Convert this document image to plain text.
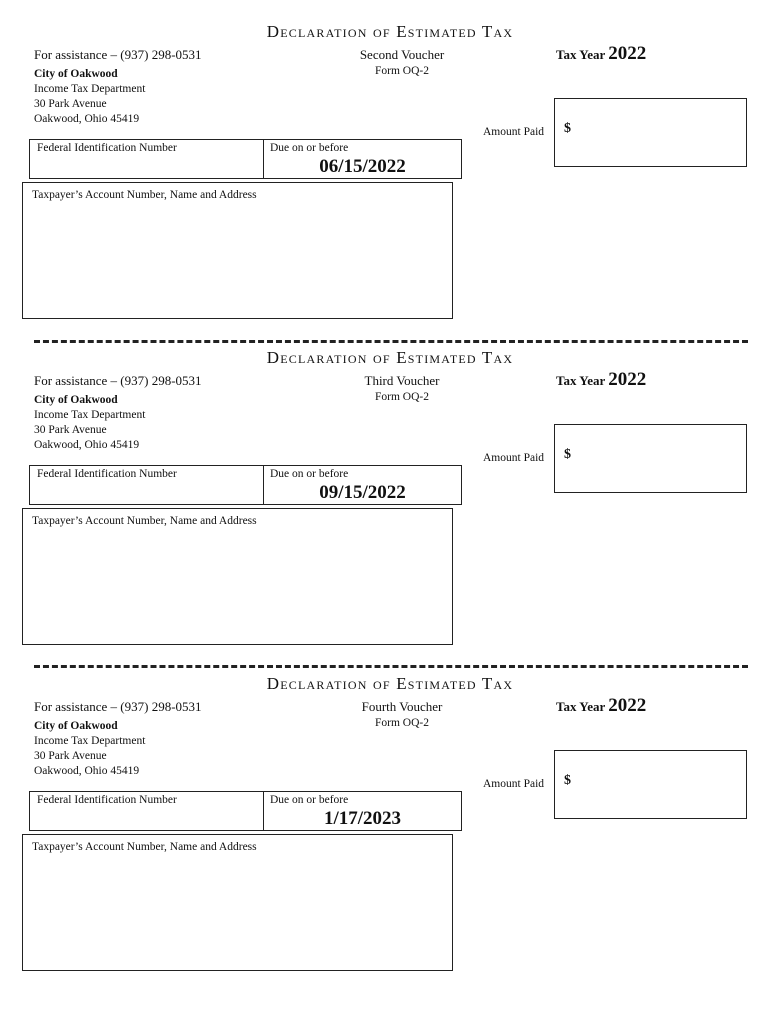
Declaration of Estimated Tax
For assistance – (937) 298-0531	Second Voucher
Form OQ-2
Tax Year 2022
City of Oakwood
Income Tax Department
30 Park Avenue
Oakwood, Ohio 45419
Amount Paid $
Federal Identification Number	Due on or before
06/15/2022
Taxpayer’s Account Number, Name and Address
Declaration of Estimated Tax
For assistance – (937) 298-0531	Third Voucher
Form OQ-2
Tax Year 2022
City of Oakwood
Income Tax Department
30 Park Avenue
Oakwood, Ohio 45419
Amount Paid $
Federal Identification Number	Due on or before
09/15/2022
Taxpayer’s Account Number, Name and Address
Declaration of Estimated Tax
For assistance – (937) 298-0531	Fourth Voucher
Form OQ-2
Tax Year 2022
City of Oakwood
Income Tax Department
30 Park Avenue
Oakwood, Ohio 45419
Amount Paid $
Federal Identification Number	Due on or before
1/17/2023
Taxpayer’s Account Number, Name and Address
